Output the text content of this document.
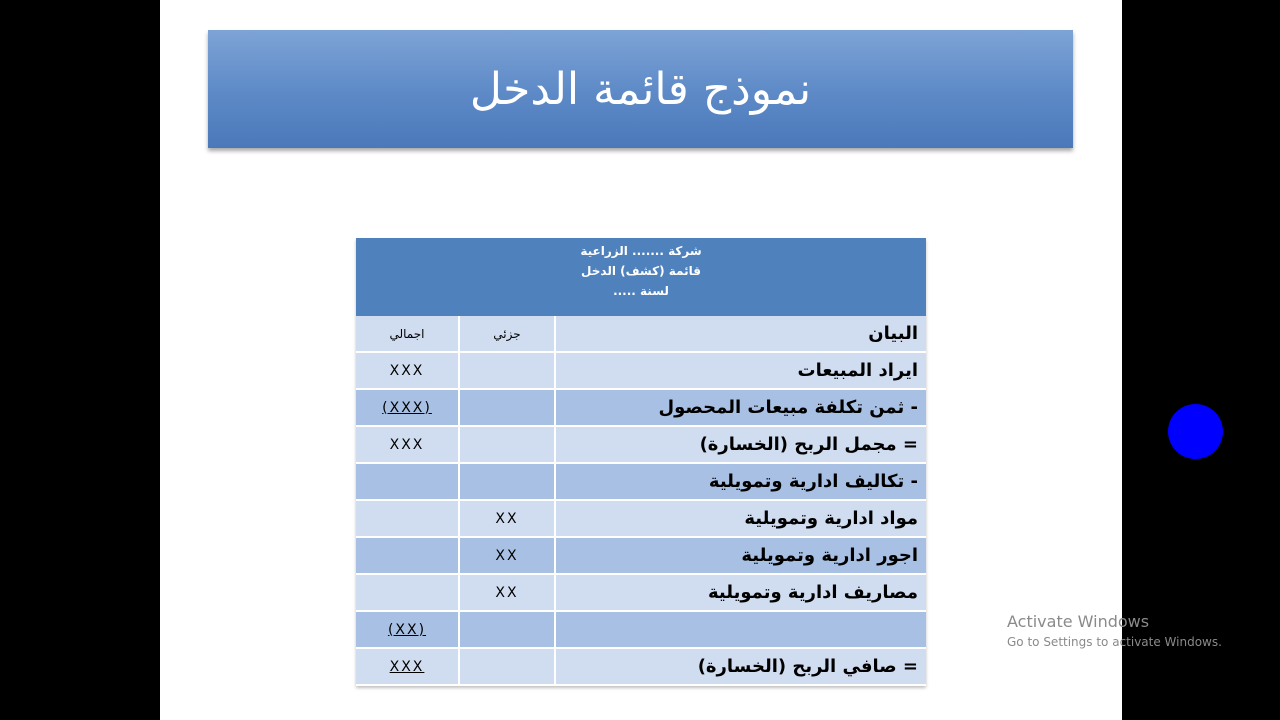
نموذج قائمة الدخل
شركة ....... الزراعية
قائمة (كشف) الدخل
لسنة .....
اجمالي	جزئي	البيان
XXX		ايراد المبيعات
(XXX)		- ثمن تكلفة مبيعات المحصول
XXX		= مجمل الربح (الخسارة)
		- تكاليف ادارية وتمويلية
	XX	مواد ادارية وتمويلية
	XX	اجور ادارية وتمويلية
	XX	مصاريف ادارية وتمويلية
(XX)		
XXX		= صافي الربح (الخسارة)
Activate Windows
Go to Settings to activate Windows.
